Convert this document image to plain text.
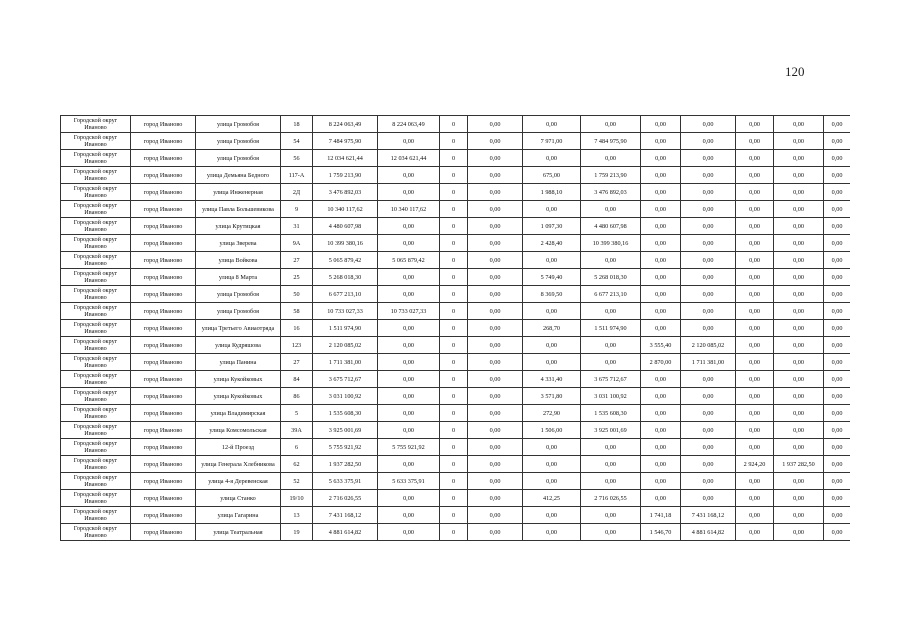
120
Городской округ Иваново	город Иваново	улица Громобоя	18	8 224 063,49	8 224 063,49	0	0,00	0,00	0,00	0,00	0,00	0,00	0,00	0,00
Городской округ Иваново	город Иваново	улица Громобоя	54	7 484 975,90	0,00	0	0,00	7 971,00	7 484 975,90	0,00	0,00	0,00	0,00	0,00
Городской округ Иваново	город Иваново	улица Громобоя	56	12 034 621,44	12 034 621,44	0	0,00	0,00	0,00	0,00	0,00	0,00	0,00	0,00
Городской округ Иваново	город Иваново	улица Демьяна Бедного	117-А	1 759 213,90	0,00	0	0,00	675,00	1 759 213,90	0,00	0,00	0,00	0,00	0,00
Городской округ Иваново	город Иваново	улица Инженерная	2Д	3 476 892,03	0,00	0	0,00	1 988,10	3 476 892,03	0,00	0,00	0,00	0,00	0,00
Городской округ Иваново	город Иваново	улица Павла Большевикова	9	10 340 117,62	10 340 117,62	0	0,00	0,00	0,00	0,00	0,00	0,00	0,00	0,00
Городской округ Иваново	город Иваново	улица Крутицкая	31	4 480 607,98	0,00	0	0,00	1 097,30	4 480 607,98	0,00	0,00	0,00	0,00	0,00
Городской округ Иваново	город Иваново	улица Зверева	9А	10 399 380,16	0,00	0	0,00	2 428,40	10 399 380,16	0,00	0,00	0,00	0,00	0,00
Городской округ Иваново	город Иваново	улица Войкова	27	5 065 879,42	5 065 879,42	0	0,00	0,00	0,00	0,00	0,00	0,00	0,00	0,00
Городской округ Иваново	город Иваново	улица 8 Марта	25	5 268 018,30	0,00	0	0,00	5 749,40	5 268 018,30	0,00	0,00	0,00	0,00	0,00
Городской округ Иваново	город Иваново	улица Громобоя	50	6 677 213,10	0,00	0	0,00	8 369,50	6 677 213,10	0,00	0,00	0,00	0,00	0,00
Городской округ Иваново	город Иваново	улица Громобоя	58	10 733 027,33	10 733 027,33	0	0,00	0,00	0,00	0,00	0,00	0,00	0,00	0,00
Городской округ Иваново	город Иваново	улица Третьего Авиаотряда	16	1 511 974,90	0,00	0	0,00	268,70	1 511 974,90	0,00	0,00	0,00	0,00	0,00
Городской округ Иваново	город Иваново	улица Кудряшова	123	2 120 085,02	0,00	0	0,00	0,00	0,00	3 555,40	2 120 085,02	0,00	0,00	0,00
Городской округ Иваново	город Иваново	улица Панина	27	1 711 381,00	0,00	0	0,00	0,00	0,00	2 870,00	1 711 381,00	0,00	0,00	0,00
Городской округ Иваново	город Иваново	улица Кукойковых	84	3 675 712,67	0,00	0	0,00	4 331,40	3 675 712,67	0,00	0,00	0,00	0,00	0,00
Городской округ Иваново	город Иваново	улица Кукойковых	86	3 031 100,92	0,00	0	0,00	3 571,80	3 031 100,92	0,00	0,00	0,00	0,00	0,00
Городской округ Иваново	город Иваново	улица Владимирская	5	1 535 608,30	0,00	0	0,00	272,90	1 535 608,30	0,00	0,00	0,00	0,00	0,00
Городской округ Иваново	город Иваново	улица Комсомольская	39А	3 925 001,69	0,00	0	0,00	1 506,00	3 925 001,69	0,00	0,00	0,00	0,00	0,00
Городской округ Иваново	город Иваново	12-й Проезд	6	5 755 921,92	5 755 921,92	0	0,00	0,00	0,00	0,00	0,00	0,00	0,00	0,00
Городской округ Иваново	город Иваново	улица Генерала Хлебникова	62	1 937 282,50	0,00	0	0,00	0,00	0,00	0,00	0,00	2 924,20	1 937 282,50	0,00
Городской округ Иваново	город Иваново	улица 4-я Деревенская	52	5 633 375,91	5 633 375,91	0	0,00	0,00	0,00	0,00	0,00	0,00	0,00	0,00
Городской округ Иваново	город Иваново	улица Станко	19/10	2 716 026,55	0,00	0	0,00	412,25	2 716 026,55	0,00	0,00	0,00	0,00	0,00
Городской округ Иваново	город Иваново	улица Гагарина	13	7 431 168,12	0,00	0	0,00	0,00	0,00	1 741,18	7 431 168,12	0,00	0,00	0,00
Городской округ Иваново	город Иваново	улица Театральная	19	4 881 614,82	0,00	0	0,00	0,00	0,00	1 546,70	4 881 614,82	0,00	0,00	0,00
